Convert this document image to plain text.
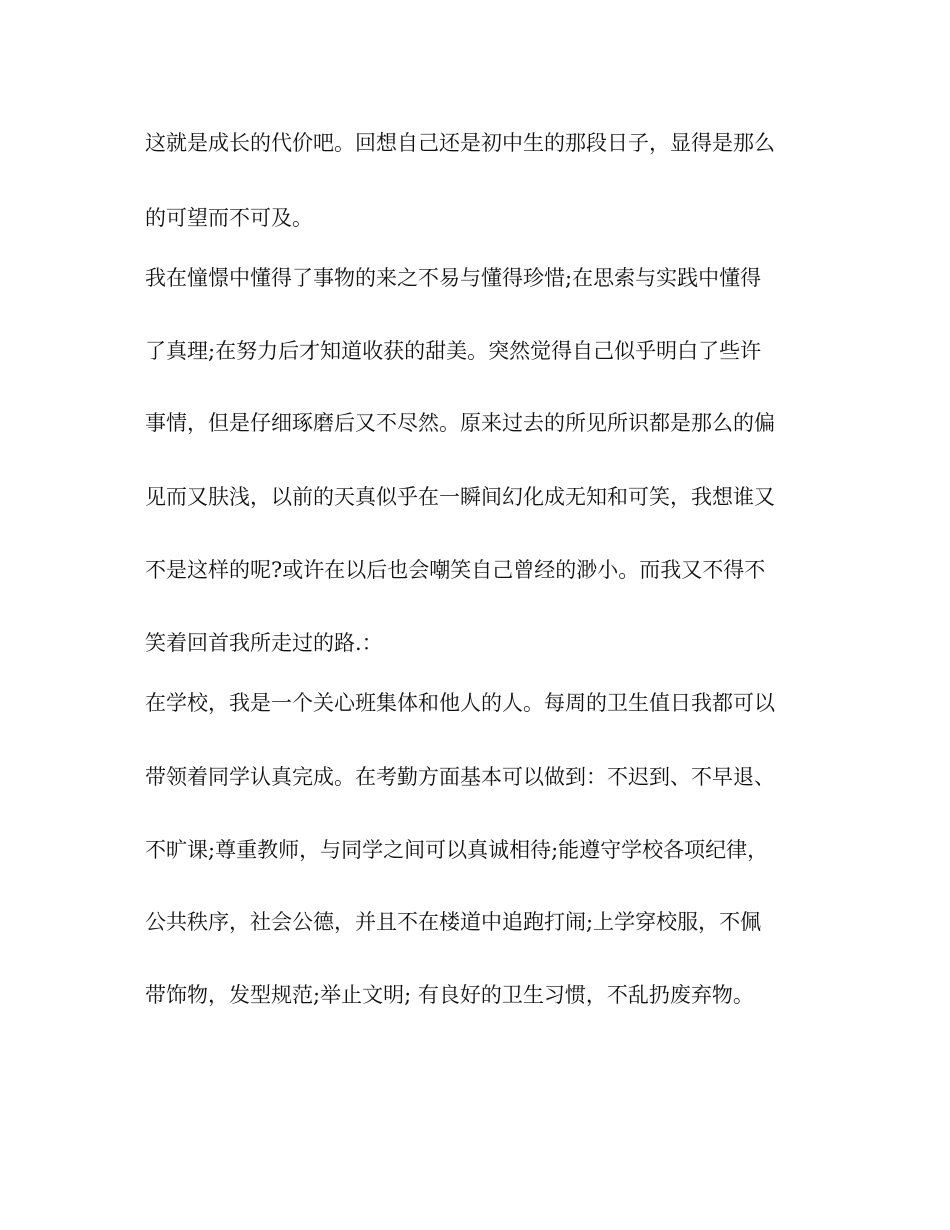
这就是成长的代价吧。回想自己还是初中生的那段日子，显得是那么
的可望而不可及。
我在憧憬中懂得了事物的来之不易与懂得珍惜;在思索与实践中懂得
了真理;在努力后才知道收获的甜美。突然觉得自己似乎明白了些许
事情，但是仔细琢磨后又不尽然。原来过去的所见所识都是那么的偏
见而又肤浅，以前的天真似乎在一瞬间幻化成无知和可笑，我想谁又
不是这样的呢?或许在以后也会嘲笑自己曾经的渺小。而我又不得不
笑着回首我所走过的路.：
在学校，我是一个关心班集体和他人的人。每周的卫生值日我都可以
带领着同学认真完成。在考勤方面基本可以做到：不迟到、不早退、
不旷课;尊重教师，与同学之间可以真诚相待;能遵守学校各项纪律，
公共秩序，社会公德，并且不在楼道中追跑打闹;上学穿校服，不佩
带饰物，发型规范;举止文明; 有良好的卫生习惯，不乱扔废弃物。
